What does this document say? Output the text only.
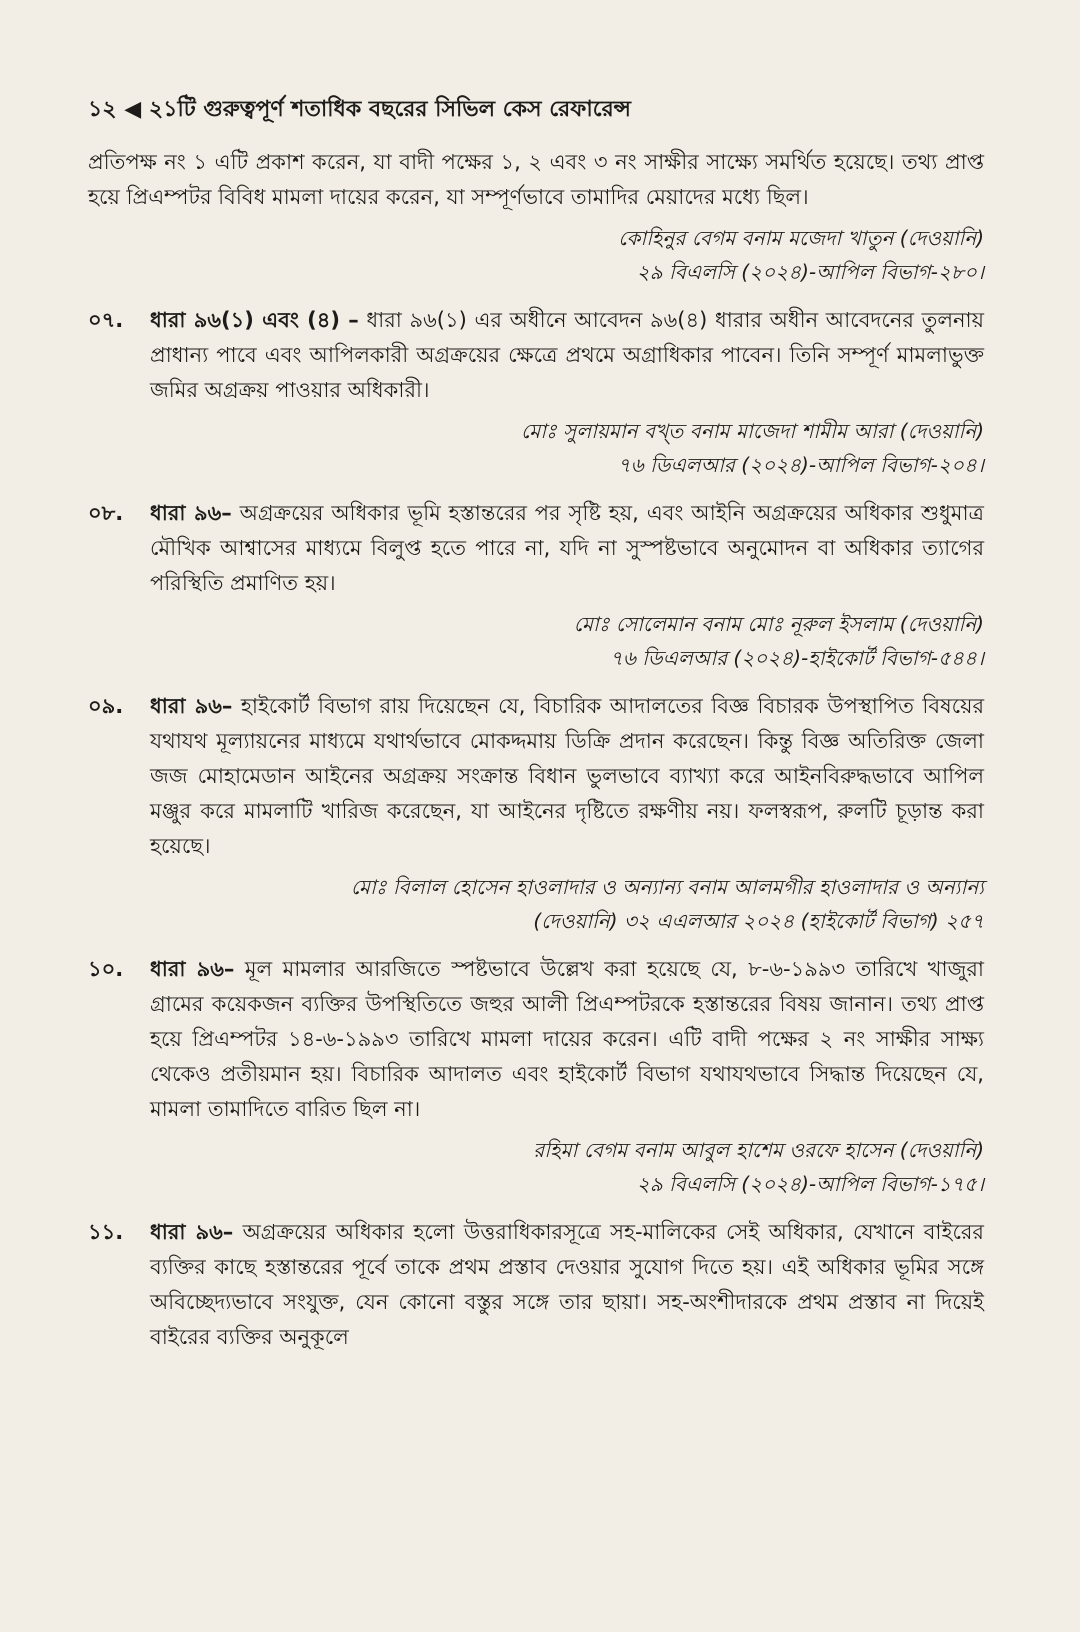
১২ ◀ ২১টি গুরুত্বপূর্ণ শতাধিক বছরের সিভিল কেস রেফারেন্স
প্রতিপক্ষ নং ১ এটি প্রকাশ করেন, যা বাদী পক্ষের ১, ২ এবং ৩ নং সাক্ষীর সাক্ষ্যে সমর্থিত হয়েছে। তথ্য প্রাপ্ত হয়ে প্রিএম্পটর বিবিধ মামলা দায়ের করেন, যা সম্পূর্ণভাবে তামাদির মেয়াদের মধ্যে ছিল।
কোহিনুর বেগম বনাম মজেদা খাতুন (দেওয়ানি)
২৯ বিএলসি (২০২৪)-আপিল বিভাগ-২৮০।
০৭.	ধারা ৯৬(১) এবং (৪) – ধারা ৯৬(১) এর অধীনে আবেদন ৯৬(৪) ধারার অধীন আবেদনের তুলনায় প্রাধান্য পাবে এবং আপিলকারী অগ্রক্রয়ের ক্ষেত্রে প্রথমে অগ্রাধিকার পাবেন। তিনি সম্পূর্ণ মামলাভুক্ত জমির অগ্রক্রয় পাওয়ার অধিকারী।
মোঃ সুলায়মান বখ্ত বনাম মাজেদা শামীম আরা (দেওয়ানি)
৭৬ ডিএলআর (২০২৪)-আপিল বিভাগ-২০৪।
০৮.	ধারা ৯৬– অগ্রক্রয়ের অধিকার ভূমি হস্তান্তরের পর সৃষ্টি হয়, এবং আইনি অগ্রক্রয়ের অধিকার শুধুমাত্র মৌখিক আশ্বাসের মাধ্যমে বিলুপ্ত হতে পারে না, যদি না সুস্পষ্টভাবে অনুমোদন বা অধিকার ত্যাগের পরিস্থিতি প্রমাণিত হয়।
মোঃ সোলেমান বনাম মোঃ নূরুল ইসলাম (দেওয়ানি)
৭৬ ডিএলআর (২০২৪)-হাইকোর্ট বিভাগ-৫৪৪।
০৯.	ধারা ৯৬– হাইকোর্ট বিভাগ রায় দিয়েছেন যে, বিচারিক আদালতের বিজ্ঞ বিচারক উপস্থাপিত বিষয়ের যথাযথ মূল্যায়নের মাধ্যমে যথার্থভাবে মোকদ্দমায় ডিক্রি প্রদান করেছেন। কিন্তু বিজ্ঞ অতিরিক্ত জেলা জজ মোহামেডান আইনের অগ্রক্রয় সংক্রান্ত বিধান ভুলভাবে ব্যাখ্যা করে আইনবিরুদ্ধভাবে আপিল মঞ্জুর করে মামলাটি খারিজ করেছেন, যা আইনের দৃষ্টিতে রক্ষণীয় নয়। ফলস্বরূপ, রুলটি চূড়ান্ত করা হয়েছে।
মোঃ বিলাল হোসেন হাওলাদার ও অন্যান্য বনাম আলমগীর হাওলাদার ও অন্যান্য
(দেওয়ানি) ৩২ এএলআর ২০২৪ (হাইকোর্ট বিভাগ) ২৫৭
১০.	ধারা ৯৬– মূল মামলার আরজিতে স্পষ্টভাবে উল্লেখ করা হয়েছে যে, ৮-৬-১৯৯৩ তারিখে খাজুরা গ্রামের কয়েকজন ব্যক্তির উপস্থিতিতে জহুর আলী প্রিএম্পটরকে হস্তান্তরের বিষয় জানান। তথ্য প্রাপ্ত হয়ে প্রিএম্পটর ১৪-৬-১৯৯৩ তারিখে মামলা দায়ের করেন। এটি বাদী পক্ষের ২ নং সাক্ষীর সাক্ষ্য থেকেও প্রতীয়মান হয়। বিচারিক আদালত এবং হাইকোর্ট বিভাগ যথাযথভাবে সিদ্ধান্ত দিয়েছেন যে, মামলা তামাদিতে বারিত ছিল না।
রহিমা বেগম বনাম আবুল হাশেম ওরফে হাসেন (দেওয়ানি)
২৯ বিএলসি (২০২৪)-আপিল বিভাগ-১৭৫।
১১.	ধারা ৯৬– অগ্রক্রয়ের অধিকার হলো উত্তরাধিকারসূত্রে সহ-মালিকের সেই অধিকার, যেখানে বাইরের ব্যক্তির কাছে হস্তান্তরের পূর্বে তাকে প্রথম প্রস্তাব দেওয়ার সুযোগ দিতে হয়। এই অধিকার ভূমির সঙ্গে অবিচ্ছেদ্যভাবে সংযুক্ত, যেন কোনো বস্তুর সঙ্গে তার ছায়া। সহ-অংশীদারকে প্রথম প্রস্তাব না দিয়েই বাইরের ব্যক্তির অনুকূলে
